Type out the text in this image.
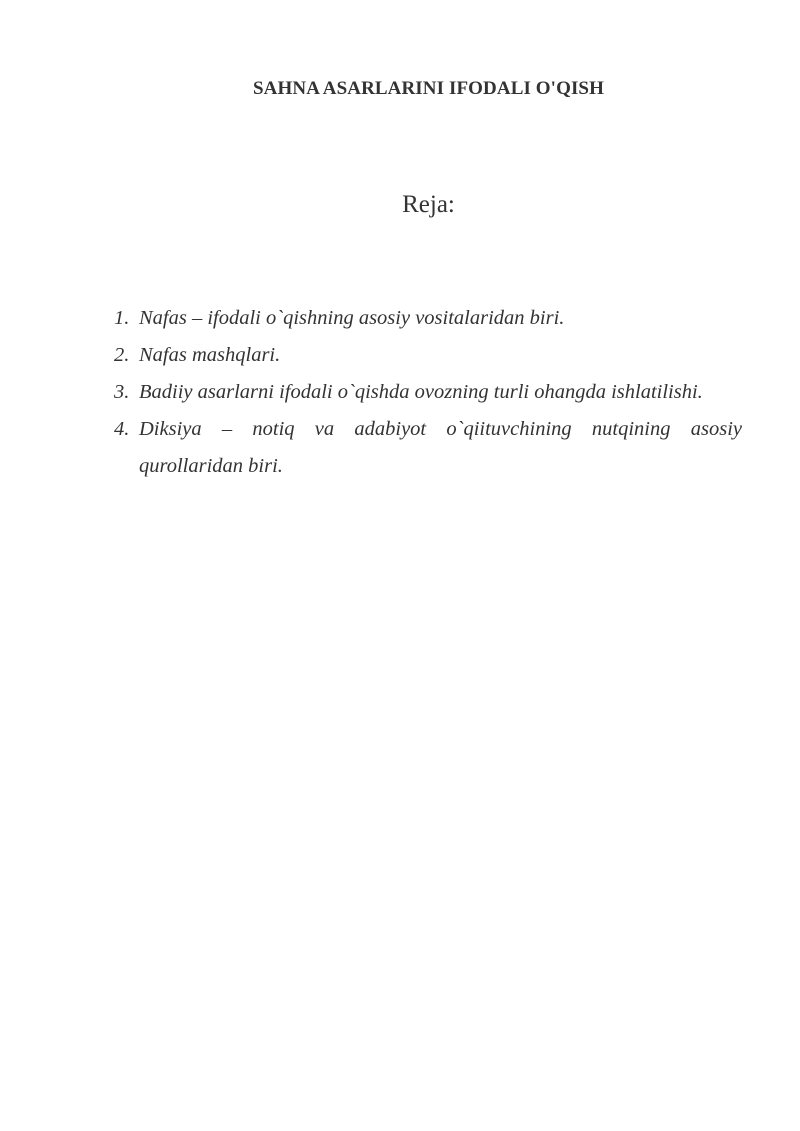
SAHNA ASARLARINI IFODALI O'QISH
Reja:
1. Nafas – ifodali o`qishning asosiy vositalaridan biri.
2. Nafas mashqlari.
3. Badiiy asarlarni ifodali o`qishda ovozning turli ohangda ishlatilishi.
4. Diksiya – notiq va adabiyot o`qiituvchining nutqining asosiy qurollaridan biri.
